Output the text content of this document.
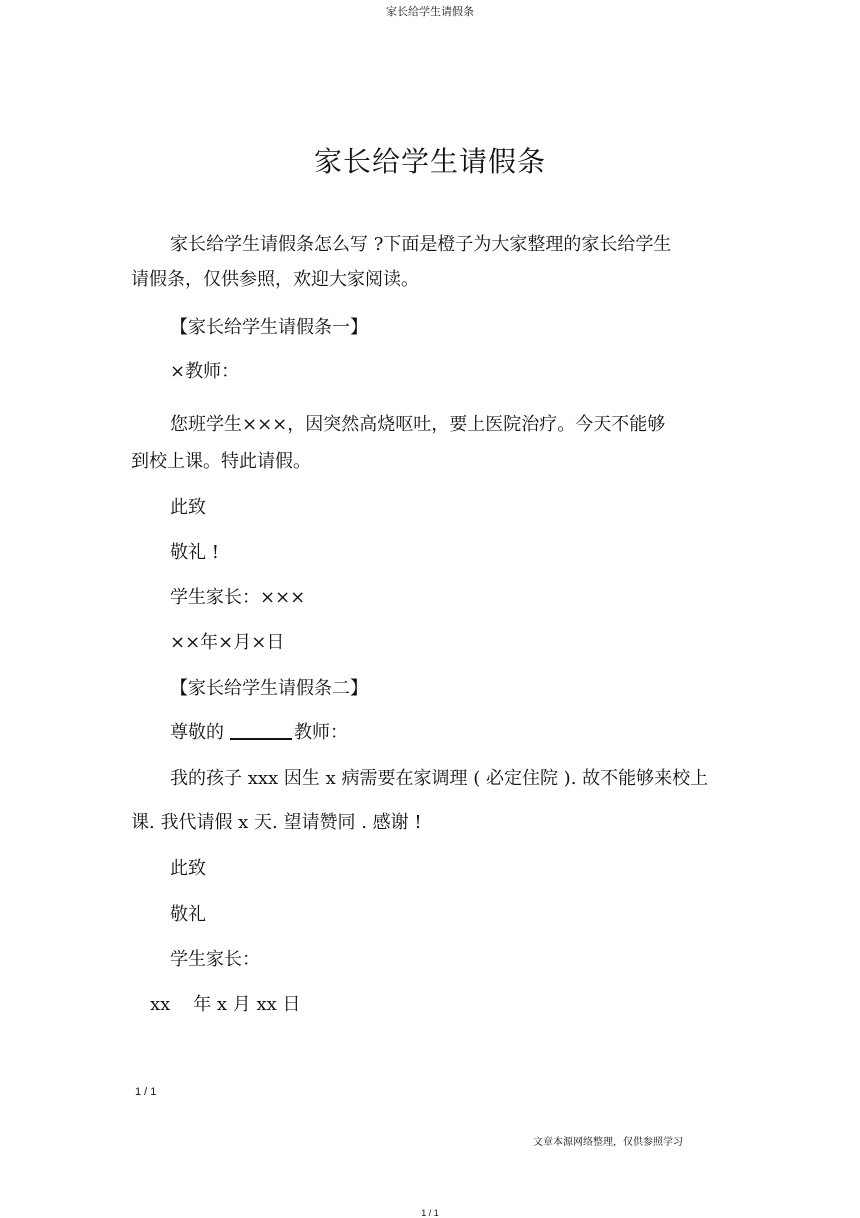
家长给学生请假条
家长给学生请假条
家长给学生请假条怎么写 ?下面是橙子为大家整理的家长给学生
请假条，仅供参照，欢迎大家阅读。
【家长给学生请假条一】
×教师：
您班学生×××，因突然高烧呕吐，要上医院治疗。今天不能够
到校上课。特此请假。
此致
敬礼 !
学生家长：×××
××年×月×日
【家长给学生请假条二】
尊敬的	教师：
我的孩子 xxx 因生 x 病需要在家调理 ( 必定住院 ). 故不能够来校上
课. 我代请假 x 天. 望请赞同 . 感谢 !
此致
敬礼
学生家长：
xx    年 x 月 xx 日
1 / 1
文章本源网络整理，仅供参照学习
1 / 1
